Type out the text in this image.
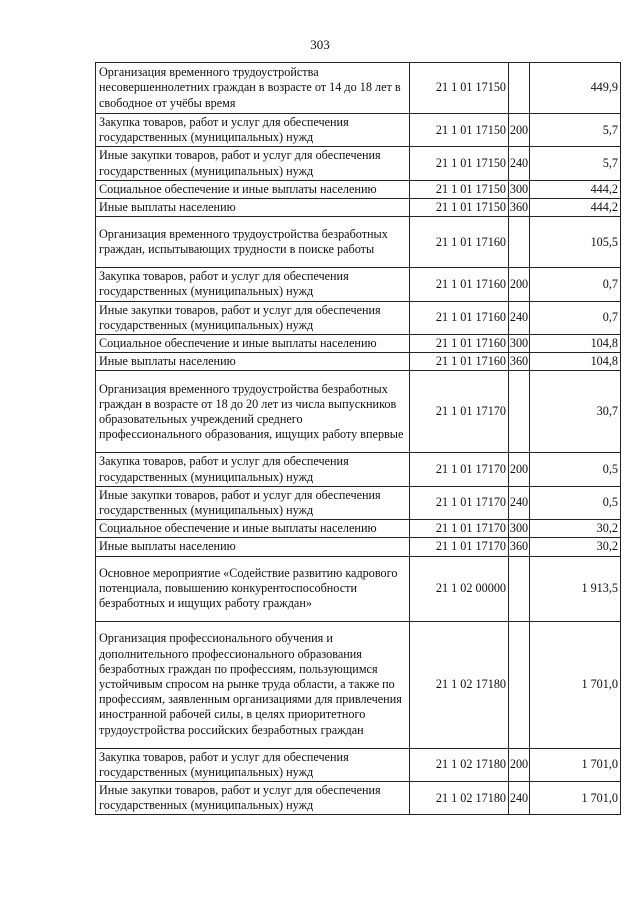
303
Организация временного трудоустройства несовершеннолетних граждан в возрасте от 14 до 18 лет в свободное от учёбы время	21 1 01 17150		449,9
Закупка товаров, работ и услуг для обеспечения государственных (муниципальных) нужд	21 1 01 17150	200	5,7
Иные закупки товаров, работ и услуг для обеспечения государственных (муниципальных) нужд	21 1 01 17150	240	5,7
Социальное обеспечение и иные выплаты населению	21 1 01 17150	300	444,2
Иные выплаты населению	21 1 01 17150	360	444,2
Организация временного трудоустройства безработных граждан, испытывающих трудности в поиске работы	21 1 01 17160		105,5
Закупка товаров, работ и услуг для обеспечения государственных (муниципальных) нужд	21 1 01 17160	200	0,7
Иные закупки товаров, работ и услуг для обеспечения государственных (муниципальных) нужд	21 1 01 17160	240	0,7
Социальное обеспечение и иные выплаты населению	21 1 01 17160	300	104,8
Иные выплаты населению	21 1 01 17160	360	104,8
Организация временного трудоустройства безработных граждан в возрасте от 18 до 20 лет из числа выпускников образовательных учреждений среднего профессионального образования, ищущих работу впервые	21 1 01 17170		30,7
Закупка товаров, работ и услуг для обеспечения государственных (муниципальных) нужд	21 1 01 17170	200	0,5
Иные закупки товаров, работ и услуг для обеспечения государственных (муниципальных) нужд	21 1 01 17170	240	0,5
Социальное обеспечение и иные выплаты населению	21 1 01 17170	300	30,2
Иные выплаты населению	21 1 01 17170	360	30,2
Основное мероприятие «Содействие развитию кадрового потенциала, повышению конкурентоспособности безработных и ищущих работу граждан»	21 1 02 00000		1 913,5
Организация профессионального обучения и дополнительного профессионального образования безработных граждан по профессиям, пользующимся устойчивым спросом на рынке труда области, а также по профессиям, заявленным организациями для привлечения иностранной рабочей силы, в целях приоритетного трудоустройства российских безработных граждан	21 1 02 17180		1 701,0
Закупка товаров, работ и услуг для обеспечения государственных (муниципальных) нужд	21 1 02 17180	200	1 701,0
Иные закупки товаров, работ и услуг для обеспечения государственных (муниципальных) нужд	21 1 02 17180	240	1 701,0
